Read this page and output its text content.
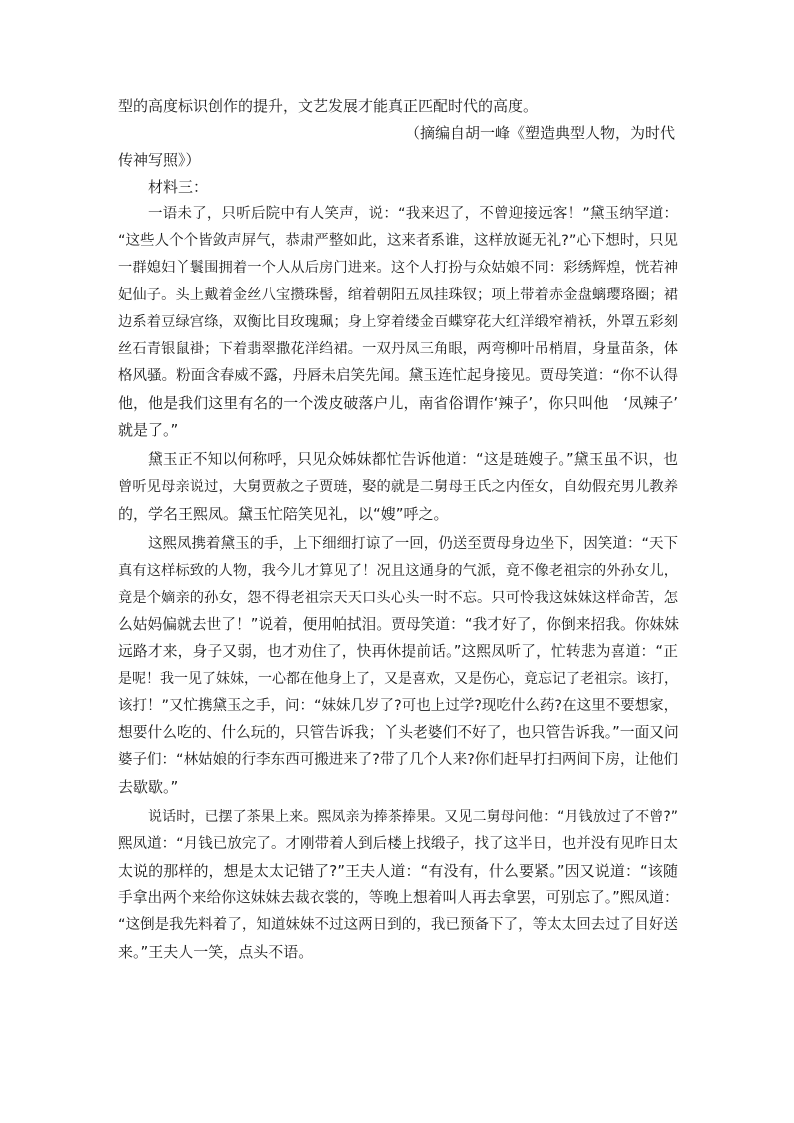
型的高度标识创作的提升，文艺发展才能真正匹配时代的高度。
（摘编自胡一峰《塑造典型人物，为时代
传神写照》）
材料三：
一语未了，只听后院中有人笑声，说：“我来迟了，不曾迎接远客！”黛玉纳罕道：
“这些人个个皆敛声屏气，恭肃严整如此，这来者系谁，这样放诞无礼?”心下想时，只见
一群媳妇丫鬟围拥着一个人从后房门进来。这个人打扮与众姑娘不同：彩绣辉煌，恍若神
妃仙子。头上戴着金丝八宝攒珠髻，绾着朝阳五凤挂珠钗；项上带着赤金盘螭璎珞圈；裙
边系着豆绿宫绦，双衡比目玫瑰珮；身上穿着缕金百蝶穿花大红洋缎窄褃袄，外罩五彩刻
丝石青银鼠褂；下着翡翠撒花洋绉裙。一双丹凤三角眼，两弯柳叶吊梢眉，身量苗条，体
格风骚。粉面含春威不露，丹唇未启笑先闻。黛玉连忙起身接见。贾母笑道：“你不认得
他，他是我们这里有名的一个泼皮破落户儿，南省俗谓作‘辣子’，你只叫他　‘凤辣子’
就是了。”
黛玉正不知以何称呼，只见众姊妹都忙告诉他道：“这是琏嫂子。”黛玉虽不识，也
曾听见母亲说过，大舅贾赦之子贾琏，娶的就是二舅母王氏之内侄女，自幼假充男儿教养
的，学名王熙凤。黛玉忙陪笑见礼，以“嫂”呼之。
这熙凤携着黛玉的手，上下细细打谅了一回，仍送至贾母身边坐下，因笑道：“天下
真有这样标致的人物，我今儿才算见了！况且这通身的气派，竟不像老祖宗的外孙女儿，
竟是个嫡亲的孙女，怨不得老祖宗天天口头心头一时不忘。只可怜我这妹妹这样命苦，怎
么姑妈偏就去世了！”说着，便用帕拭泪。贾母笑道：“我才好了，你倒来招我。你妹妹
远路才来，身子又弱，也才劝住了，快再休提前话。”这熙凤听了，忙转悲为喜道：“正
是呢！我一见了妹妹，一心都在他身上了，又是喜欢，又是伤心，竟忘记了老祖宗。该打，
该打！”又忙携黛玉之手，问：“妹妹几岁了?可也上过学?现吃什么药?在这里不要想家，
想要什么吃的、什么玩的，只管告诉我；丫头老婆们不好了，也只管告诉我。”一面又问
婆子们：“林姑娘的行李东西可搬进来了?带了几个人来?你们赶早打扫两间下房，让他们
去歇歇。”
说话时，已摆了茶果上来。熙凤亲为捧茶捧果。又见二舅母问他：“月钱放过了不曾?”
熙凤道：“月钱已放完了。才刚带着人到后楼上找缎子，找了这半日，也并没有见昨日太
太说的那样的，想是太太记错了?”王夫人道：“有没有，什么要紧。”因又说道：“该随
手拿出两个来给你这妹妹去裁衣裳的，等晚上想着叫人再去拿罢，可别忘了。”熙凤道：
“这倒是我先料着了，知道妹妹不过这两日到的，我已预备下了，等太太回去过了目好送
来。”王夫人一笑，点头不语。
